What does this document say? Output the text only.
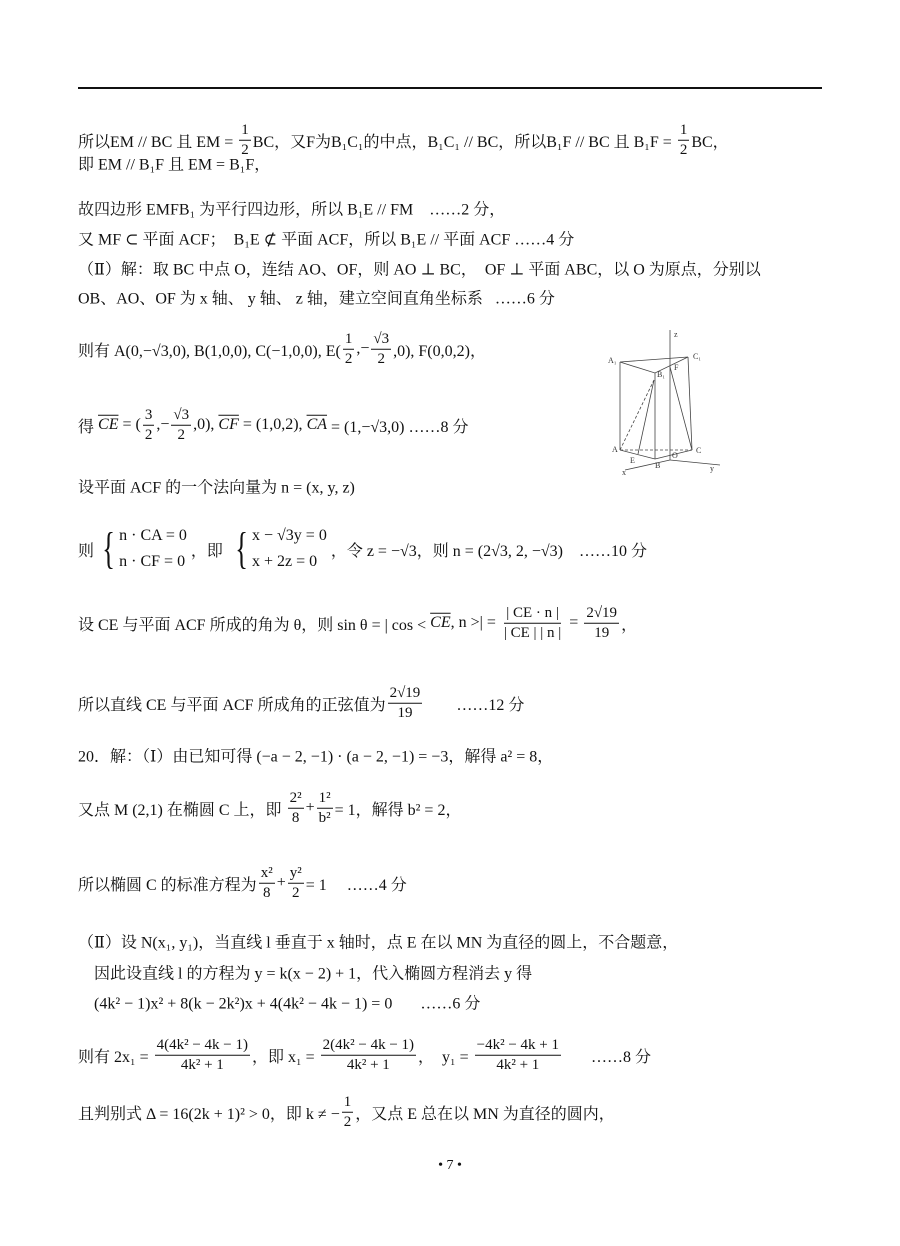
所以EM // BC 且 EM = $\frac{1}{2}$ BC，又F为B₁C₁的中点，B₁C₁ // BC，所以B₁F // BC 且 $B_1F = \frac{1}{2}$ BC，
即 EM // B₁F 且 EM = B₁F，
故四边形 EMFB₁ 为平行四边形，所以 B₁E // FM    ……2 分，
又 MF ⊂ 平面 ACF；  B₁E ⊄ 平面 ACF，所以 B₁E // 平面 ACF ……4 分
（Ⅱ）解：取 BC 中点 O，连结 AO、OF，则 AO ⊥ BC，  OF ⊥ 平面 ABC，以 O 为原点，分别以
OB、AO、OF 为 x 轴、 y 轴、 z 轴，建立空间直角坐标系   ……6 分
则有 A(0,−√3,0), B(1,0,0), C(−1,0,0), $E( \frac{1}{2}$ ,− $\frac{√3}{2} ,0$), F(0,0,2)，
得 $\overline{CE}$ = ( $\frac{3}{2}$ ,− $\frac{√3}{2} ,0$), $\overline{CF} = (1,0,2)$, $\overline{CA} = (1,-√3,0)$ ……8 分
设平面 ACF 的一个法向量为 n = (x, y, z)
则 { n · CA = 0
n · CF = 0
，即 { x − √3y = 0
x + 2z = 0
，令 z = −√3，则 n = (2√3, 2, −√3)    ……10 分
设 CE 与平面 ACF 所成的角为 θ，则 sin θ = | $\cos < \overline{CE}$ , n >| = $\frac{| CE \cdot n |}{| CE | | n |} = \frac{2√19}{19}$ ，
所以直线 CE 与平面 ACF 所成角的正弦值为 $\frac{2√19}{19}$ ……12 分
20．解：（Ⅰ）由已知可得 (−a − 2, −1) · (a − 2, −1) = −3，解得 a² = 8，
又点 M (2,1) 在椭圆 C 上，即 $\frac{\text{2²}}{8} + \frac{\text{1²}}{\text{b²}} = 1$，解得 b² = 2，
所以椭圆 C 的标准方程为 $\frac{\text{x²}}{8} + \frac{\text{y²}}{2} = 1$     ……4 分
（Ⅱ）设 N(x₁, y₁)，当直线 l 垂直于 x 轴时，点 E 在以 MN 为直径的圆上，不合题意，
因此设直线 l 的方程为 y = k(x − 2) + 1，代入椭圆方程消去 y 得
(4k² − 1)x² + 8(k − 2k²)x + 4(4k² − 4k − 1) = 0       ……6 分
则有 $2x_1 = \frac{\text{4(4k² − 4k − 1)}}{\text{4k² + 1}}$ ，即 $x_1 = \frac{\text{2(4k² − 4k − 1)}}{\text{4k² + 1}}$ ，  $y_1 = \frac{\text{−4k² − 4k + 1}}{\text{4k² + 1}}$ ……8 分
且判别式 Δ = 16(2k + 1)² > 0，即 k ≠ − $\frac{1}{2}$ ，又点 E 总在以 MN 为直径的圆内，
A₁	C₁
B₁
F
A	C
B
E
O
x	y
z
• 7 •
